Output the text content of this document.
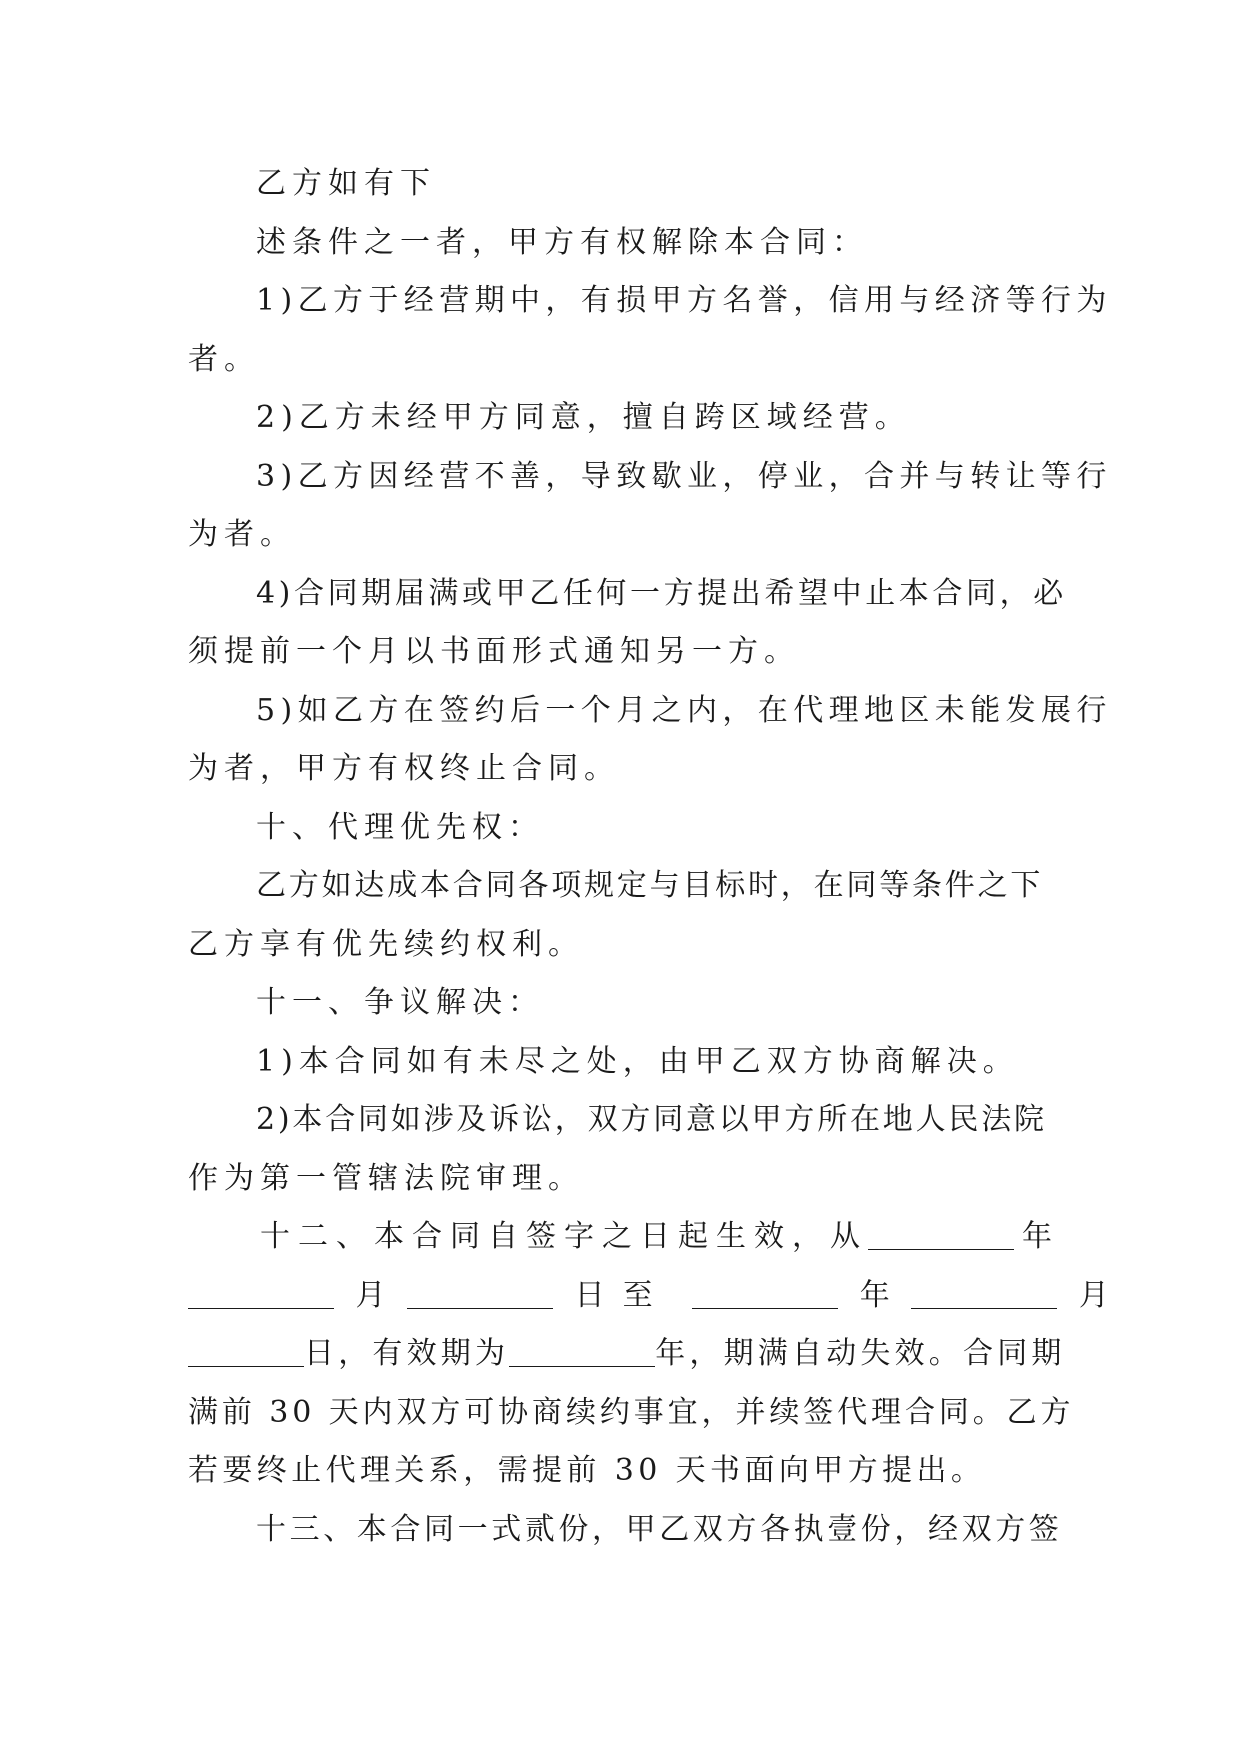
乙方如有下
述条件之一者，甲方有权解除本合同：
1)乙方于经营期中，有损甲方名誉，信用与经济等行为
者。
2)乙方未经甲方同意，擅自跨区域经营。
3)乙方因经营不善，导致歇业，停业，合并与转让等行
为者。
4)合同期届满或甲乙任何一方提出希望中止本合同，必
须提前一个月以书面形式通知另一方。
5)如乙方在签约后一个月之内，在代理地区未能发展行
为者，甲方有权终止合同。
十、代理优先权：
乙方如达成本合同各项规定与目标时，在同等条件之下
乙方享有优先续约权利。
十一、争议解决：
1)本合同如有未尽之处，由甲乙双方协商解决。
2)本合同如涉及诉讼，双方同意以甲方所在地人民法院
作为第一管辖法院审理。
十二、本合同自签字之日起生效，从	年
月	日至	年	月
日，有效期为	年，期满自动失效。合同期
满前 30 天内双方可协商续约事宜，并续签代理合同。乙方
若要终止代理关系，需提前 30 天书面向甲方提出。
十三、本合同一式贰份，甲乙双方各执壹份，经双方签
